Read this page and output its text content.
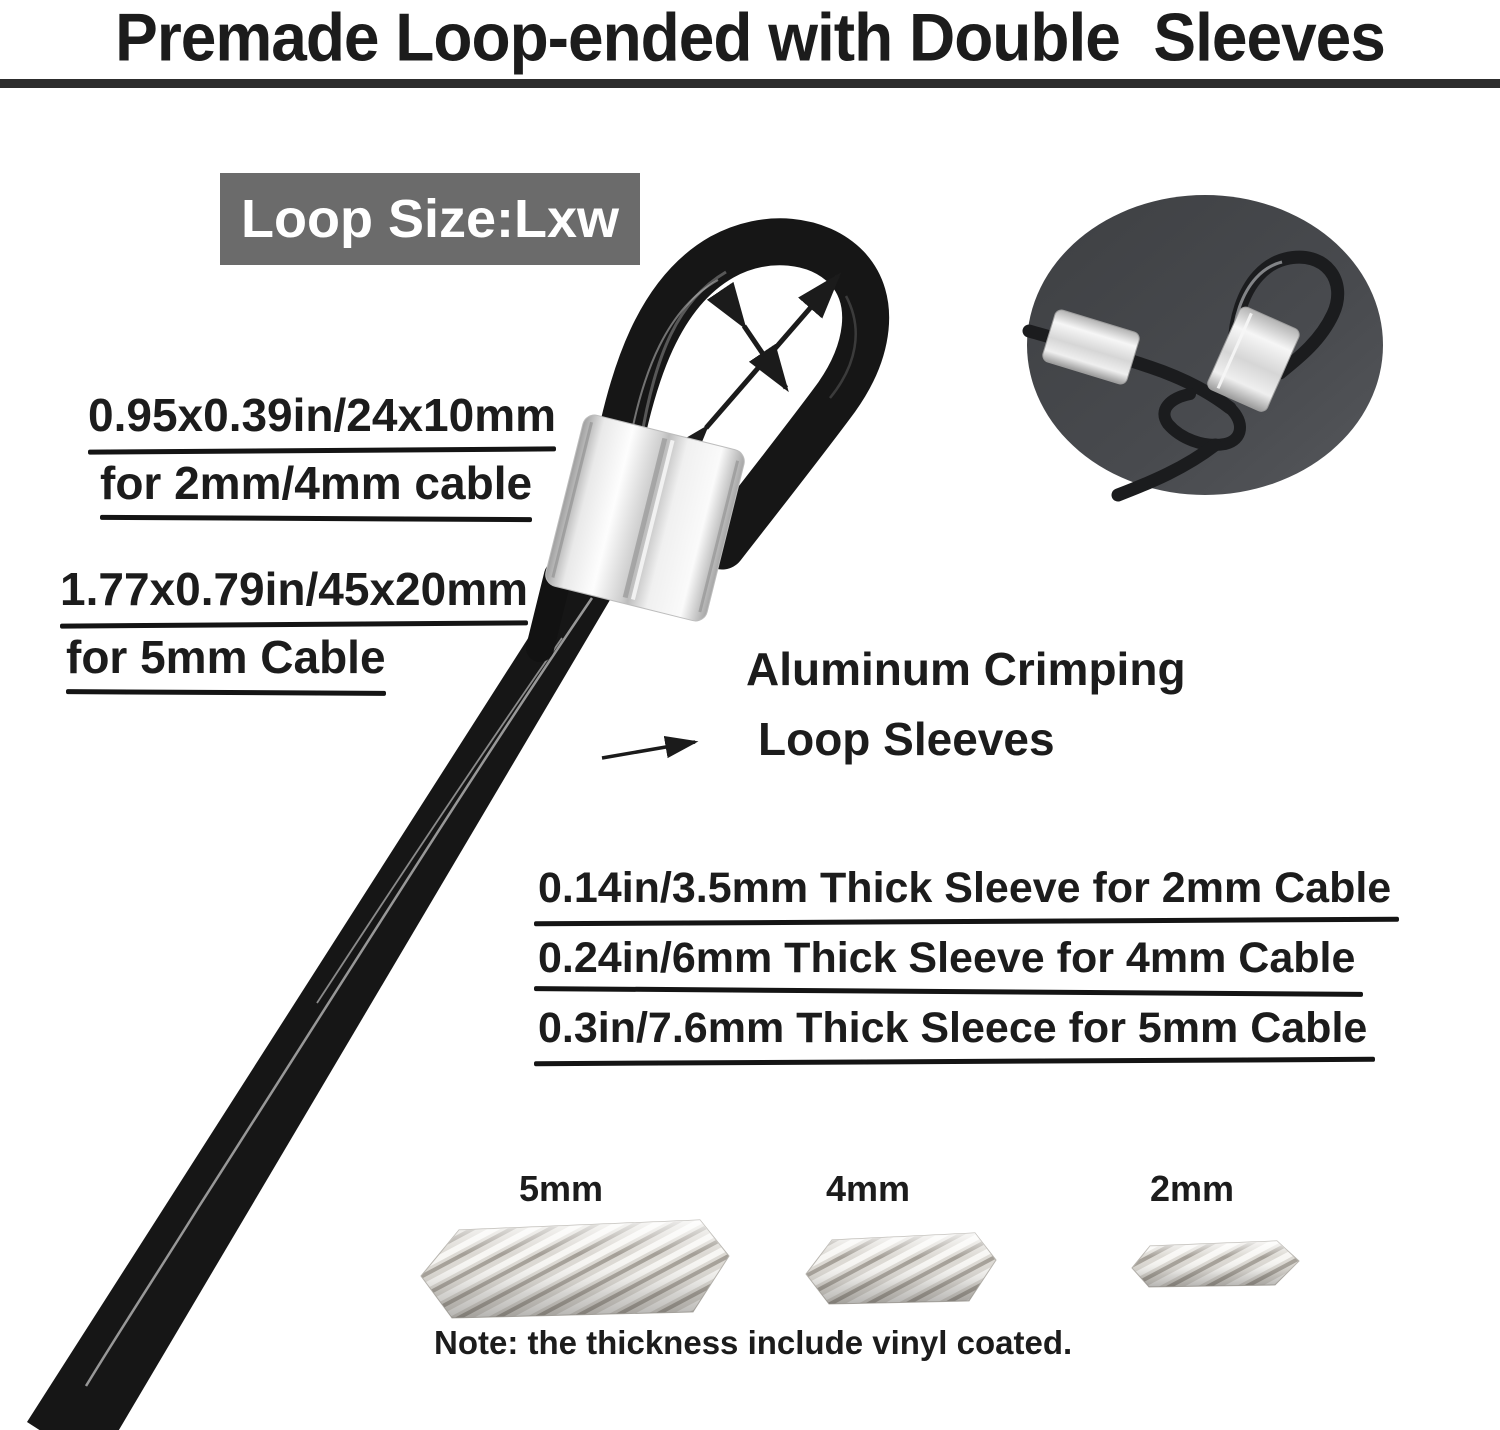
Premade Loop-ended with Double  Sleeves
Loop Size:Lxw
0.95x0.39in/24x10mm
for 2mm/4mm cable
1.77x0.79in/45x20mm
for 5mm Cable	Aluminum Crimping
Loop Sleeves
0.14in/3.5mm Thick Sleeve for 2mm Cable
0.24in/6mm Thick Sleeve for 4mm Cable
0.3in/7.6mm Thick Sleece for 5mm Cable
5mm	4mm	2mm
Note: the thickness include vinyl coated.
